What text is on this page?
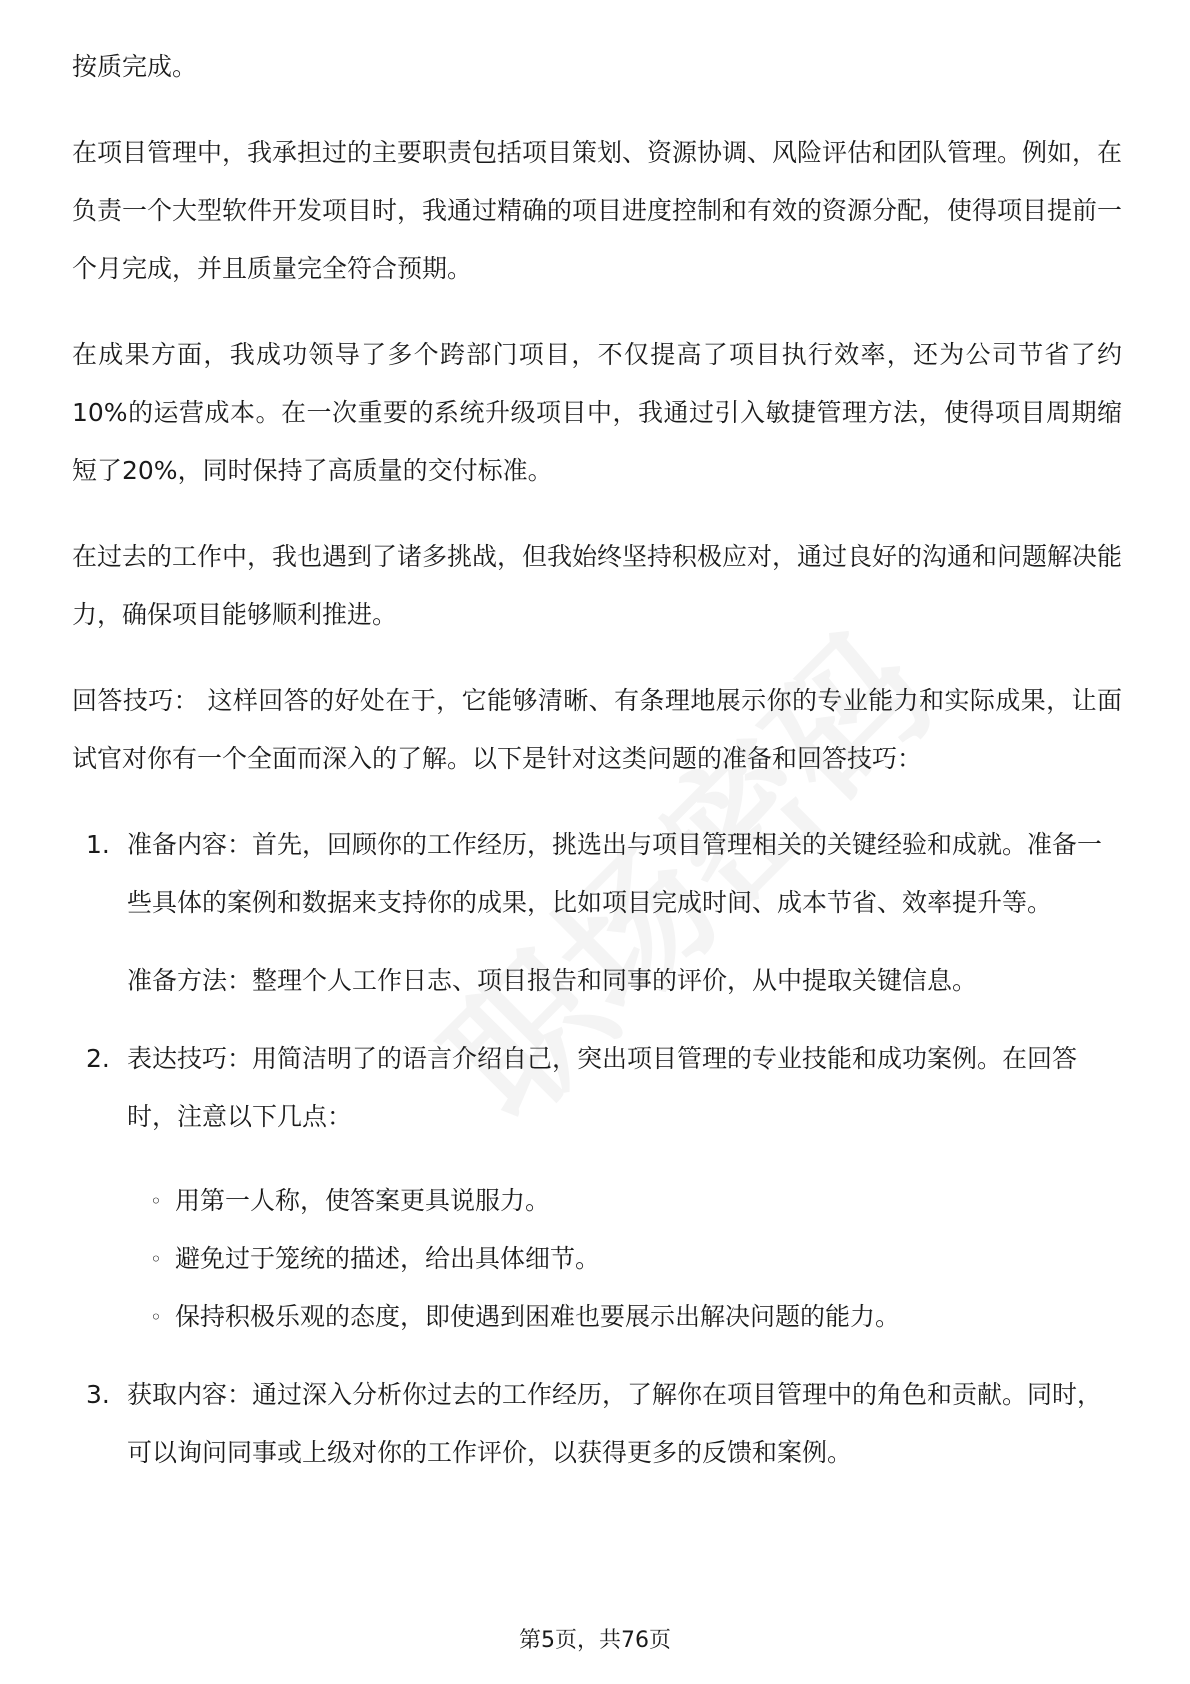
按质完成。

在项目管理中，我承担过的主要职责包括项目策划、资源协调、风险评估和团队管理。例如，在负责一个大型软件开发项目时，我通过精确的项目进度控制和有效的资源分配，使得项目提前一个月完成，并且质量完全符合预期。

在成果方面，我成功领导了多个跨部门项目，不仅提高了项目执行效率，还为公司节省了约10%的运营成本。在一次重要的系统升级项目中，我通过引入敏捷管理方法，使得项目周期缩短了20%，同时保持了高质量的交付标准。

在过去的工作中，我也遇到了诸多挑战，但我始终坚持积极应对，通过良好的沟通和问题解决能力，确保项目能够顺利推进。

回答技巧： 这样回答的好处在于，它能够清晰、有条理地展示你的专业能力和实际成果，让面试官对你有一个全面而深入的了解。以下是针对这类问题的准备和回答技巧：

1. 准备内容：首先，回顾你的工作经历，挑选出与项目管理相关的关键经验和成就。准备一些具体的案例和数据来支持你的成果，比如项目完成时间、成本节省、效率提升等。

准备方法：整理个人工作日志、项目报告和同事的评价，从中提取关键信息。

2. 表达技巧：用简洁明了的语言介绍自己，突出项目管理的专业技能和成功案例。在回答时，注意以下几点：
◦ 用第一人称，使答案更具说服力。
◦ 避免过于笼统的描述，给出具体细节。
◦ 保持积极乐观的态度，即使遇到困难也要展示出解决问题的能力。
3. 获取内容：通过深入分析你过去的工作经历，了解你在项目管理中的角色和贡献。同时，可以询问同事或上级对你的工作评价，以获得更多的反馈和案例。
第5页，共76页
